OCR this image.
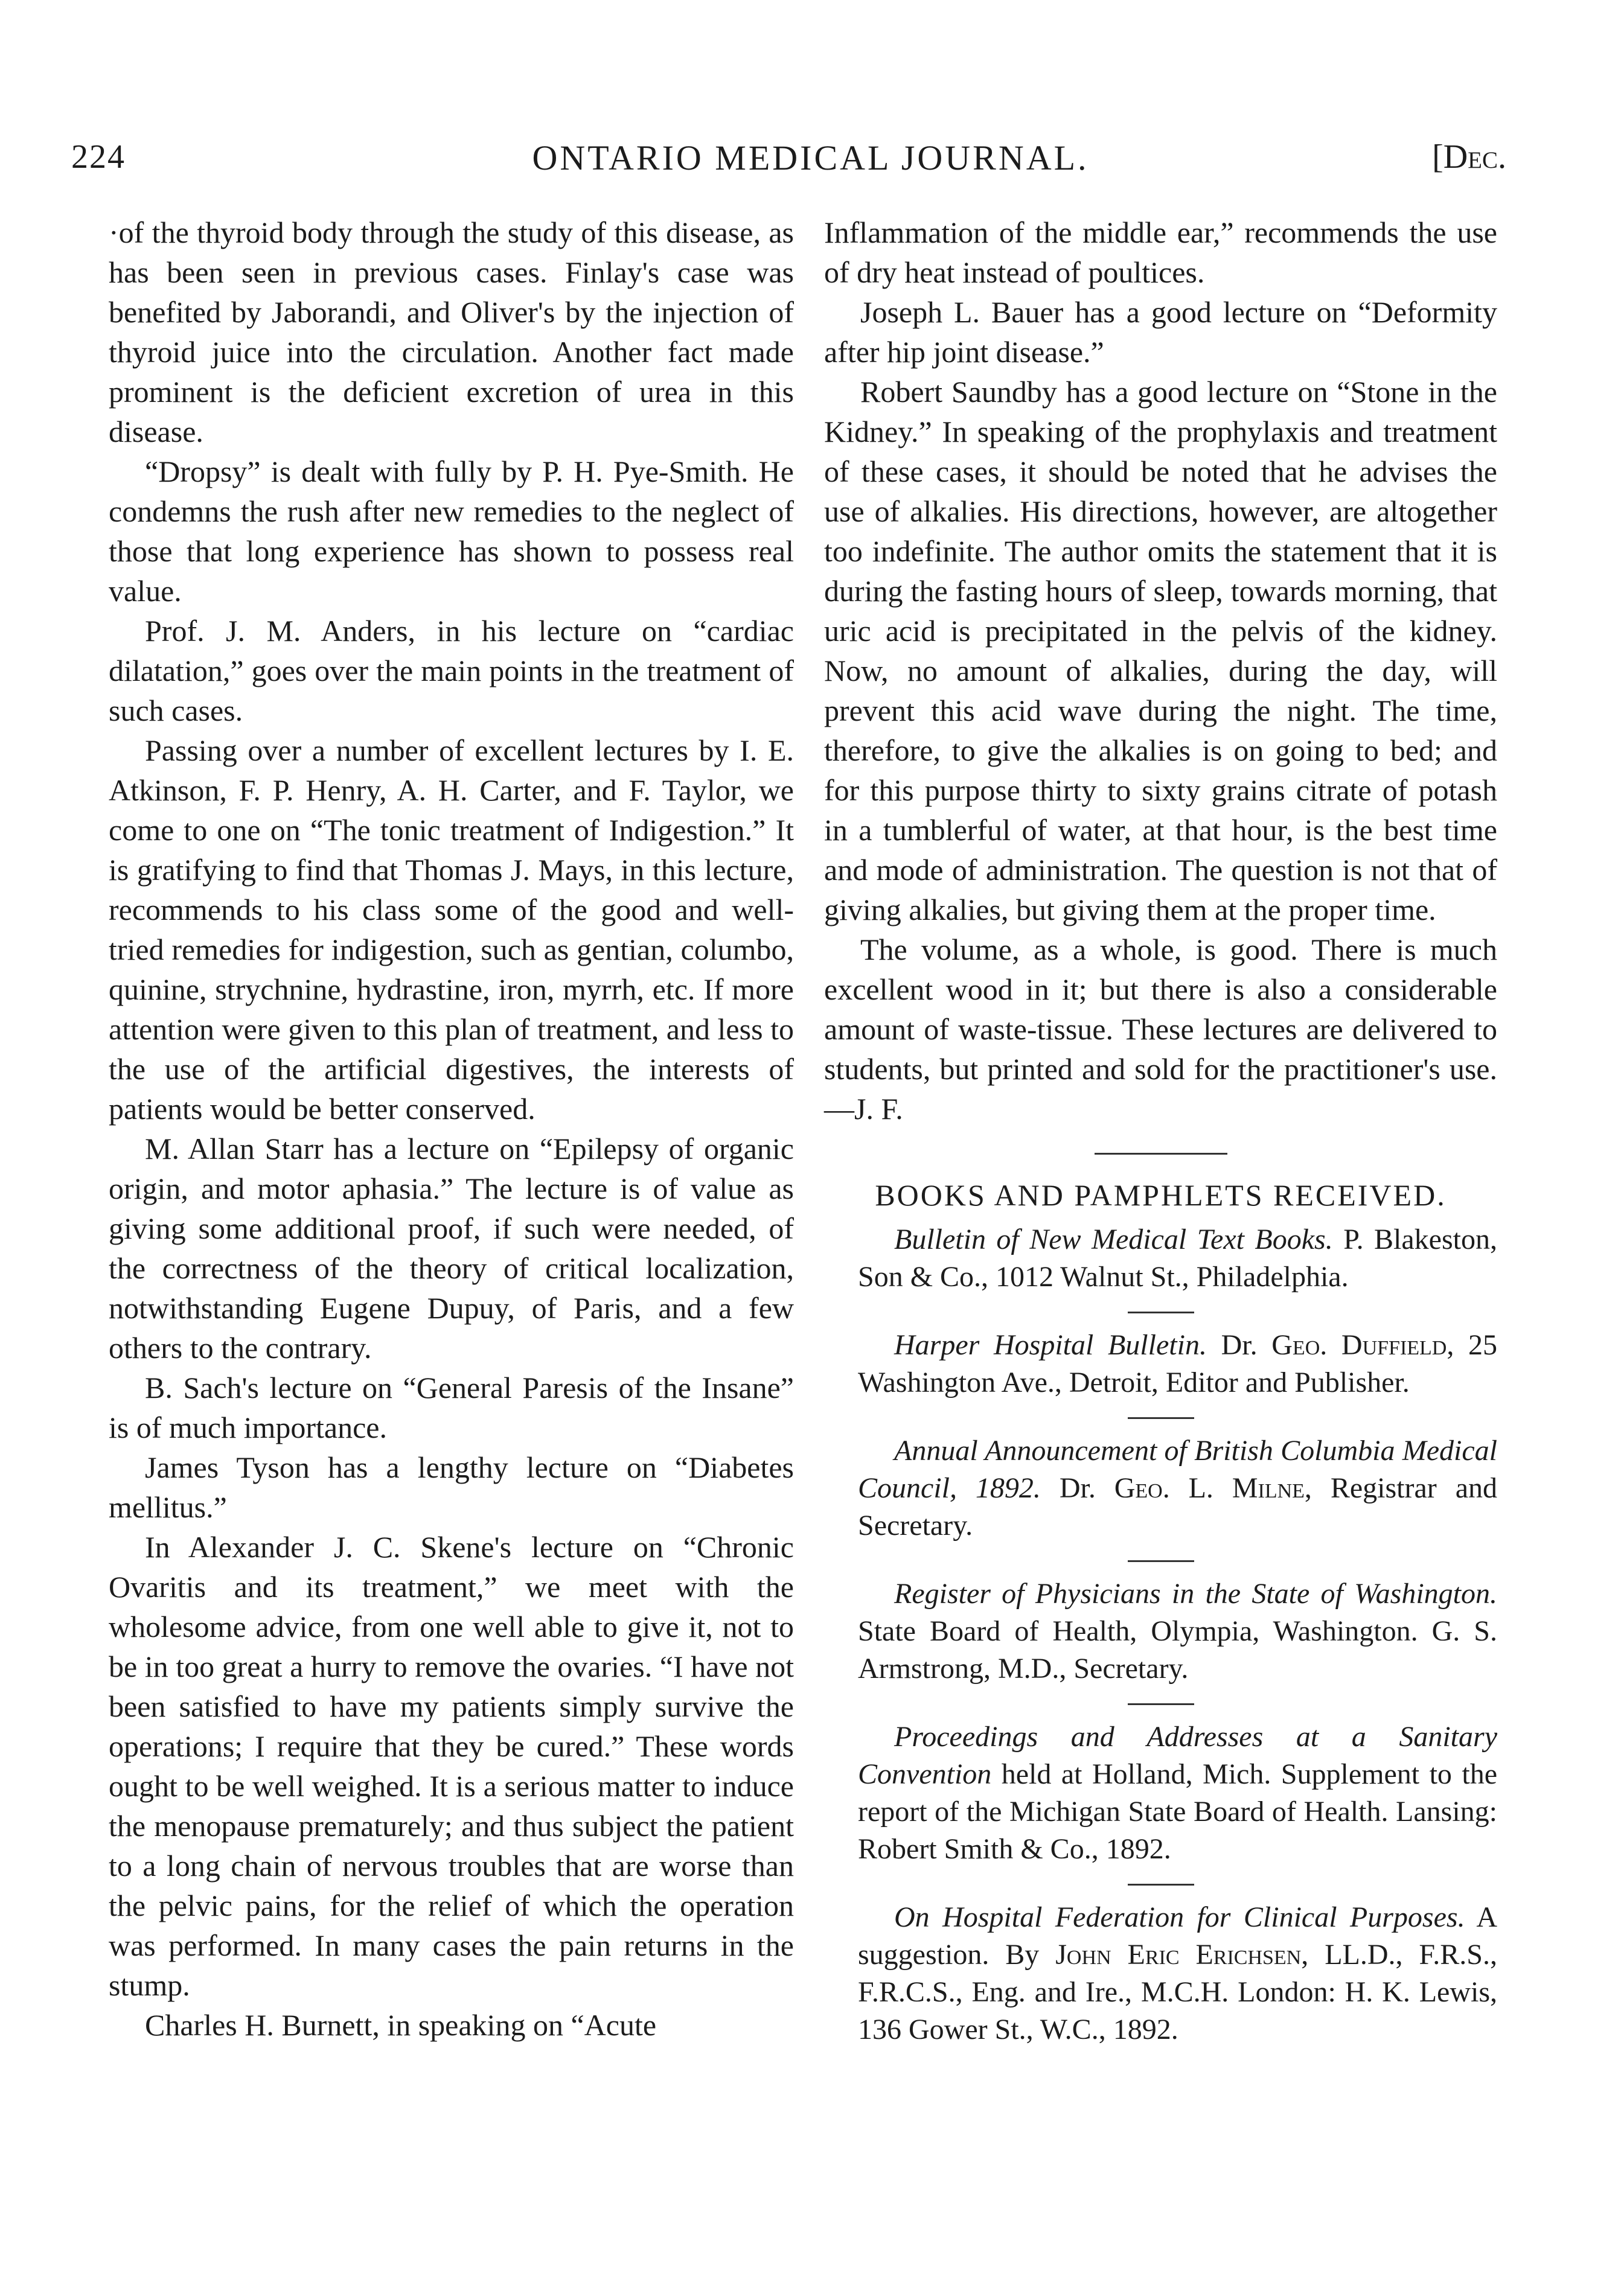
224	ONTARIO MEDICAL JOURNAL.	[Dec.

·of the thyroid body through the study of this disease, as has been seen in previous cases. Finlay's case was benefited by Jaborandi, and Oliver's by the injection of thyroid juice into the circulation. Another fact made prominent is the deficient excretion of urea in this disease.

“Dropsy” is dealt with fully by P. H. Pye-Smith. He condemns the rush after new remedies to the neglect of those that long experience has shown to possess real value.

Prof. J. M. Anders, in his lecture on “cardiac dilatation,” goes over the main points in the treatment of such cases.

Passing over a number of excellent lectures by I. E. Atkinson, F. P. Henry, A. H. Carter, and F. Taylor, we come to one on “The tonic treatment of Indigestion.” It is gratifying to find that Thomas J. Mays, in this lecture, recommends to his class some of the good and well-tried remedies for indigestion, such as gentian, columbo, quinine, strychnine, hydrastine, iron, myrrh, etc. If more attention were given to this plan of treatment, and less to the use of the artificial digestives, the interests of patients would be better conserved.

M. Allan Starr has a lecture on “Epilepsy of organic origin, and motor aphasia.” The lecture is of value as giving some additional proof, if such were needed, of the correctness of the theory of critical localization, notwithstanding Eugene Dupuy, of Paris, and a few others to the contrary.

B. Sach's lecture on “General Paresis of the Insane” is of much importance.

James Tyson has a lengthy lecture on “Diabetes mellitus.”

In Alexander J. C. Skene's lecture on “Chronic Ovaritis and its treatment,” we meet with the wholesome advice, from one well able to give it, not to be in too great a hurry to remove the ovaries. “I have not been satisfied to have my patients simply survive the operations; I require that they be cured.” These words ought to be well weighed. It is a serious matter to induce the menopause prematurely; and thus subject the patient to a long chain of nervous troubles that are worse than the pelvic pains, for the relief of which the operation was performed. In many cases the pain returns in the stump.

Charles H. Burnett, in speaking on “Acute

Inflammation of the middle ear,” recommends the use of dry heat instead of poultices.

Joseph L. Bauer has a good lecture on “Deformity after hip joint disease.”

Robert Saundby has a good lecture on “Stone in the Kidney.” In speaking of the prophylaxis and treatment of these cases, it should be noted that he advises the use of alkalies. His directions, however, are altogether too indefinite. The author omits the statement that it is during the fasting hours of sleep, towards morning, that uric acid is precipitated in the pelvis of the kidney. Now, no amount of alkalies, during the day, will prevent this acid wave during the night. The time, therefore, to give the alkalies is on going to bed; and for this purpose thirty to sixty grains citrate of potash in a tumblerful of water, at that hour, is the best time and mode of administration. The question is not that of giving alkalies, but giving them at the proper time.

The volume, as a whole, is good. There is much excellent wood in it; but there is also a considerable amount of waste-tissue. These lectures are delivered to students, but printed and sold for the practitioner's use.—J. F.

BOOKS AND PAMPHLETS RECEIVED.

Bulletin of New Medical Text Books. P. Blakeston, Son & Co., 1012 Walnut St., Philadelphia.

Harper Hospital Bulletin. Dr. Geo. Duffield, 25 Washington Ave., Detroit, Editor and Publisher.

Annual Announcement of British Columbia Medical Council, 1892. Dr. Geo. L. Milne, Registrar and Secretary.

Register of Physicians in the State of Washington. State Board of Health, Olympia, Washington. G. S. Armstrong, M.D., Secretary.

Proceedings and Addresses at a Sanitary Convention held at Holland, Mich. Supplement to the report of the Michigan State Board of Health. Lansing: Robert Smith & Co., 1892.

On Hospital Federation for Clinical Purposes. A suggestion. By John Eric Erichsen, LL.D., F.R.S., F.R.C.S., Eng. and Ire., M.C.H. London: H. K. Lewis, 136 Gower St., W.C., 1892.
